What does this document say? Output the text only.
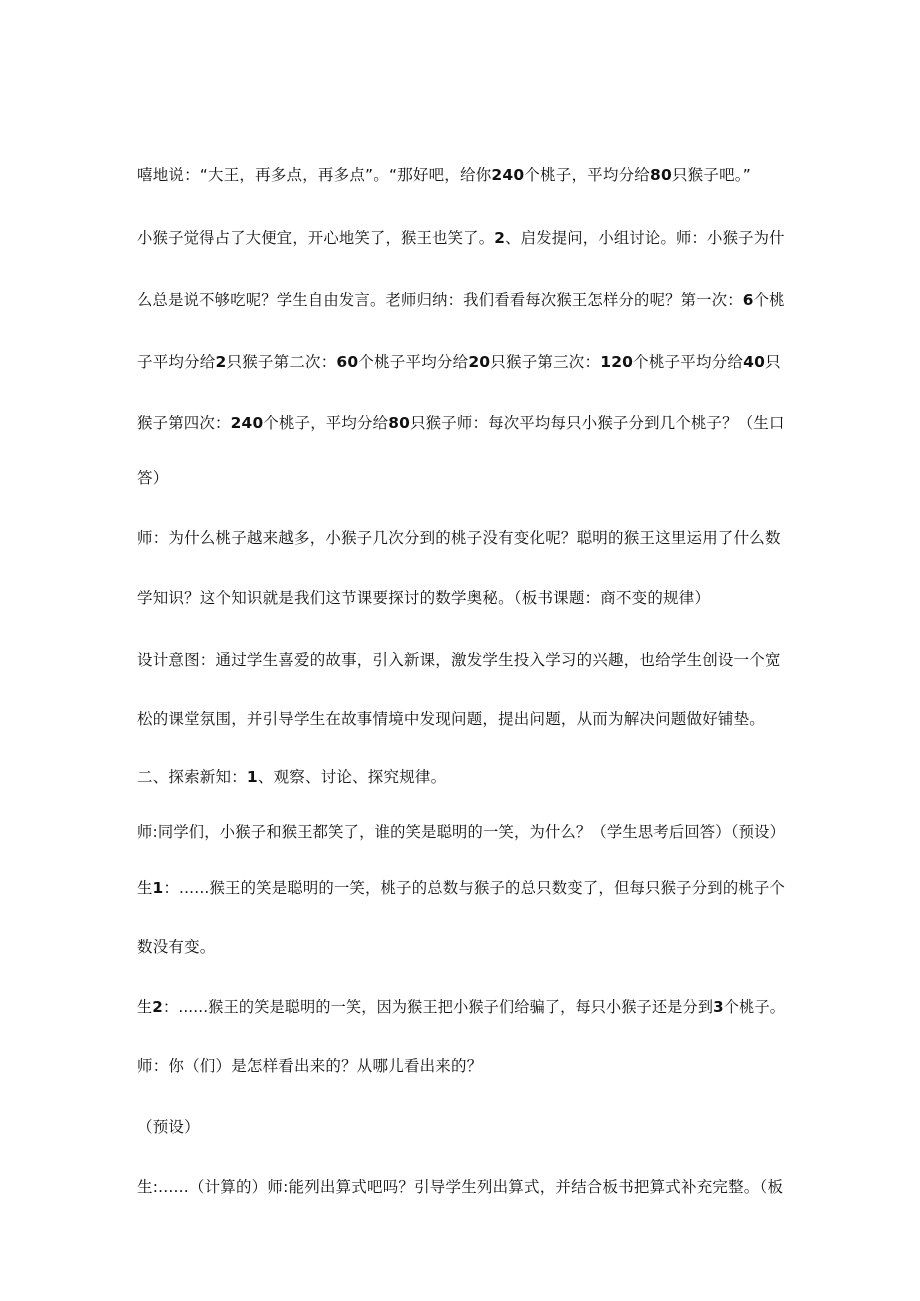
嘻地说：“大王，再多点，再多点”。“那好吧，给你240个桃子，平均分给80只猴子吧。”
小猴子觉得占了大便宜，开心地笑了，猴王也笑了。2、启发提问，小组讨论。师：小猴子为什
么总是说不够吃呢？学生自由发言。老师归纳：我们看看每次猴王怎样分的呢？第一次：6个桃
子平均分给2只猴子第二次：60个桃子平均分给20只猴子第三次：120个桃子平均分给40只
猴子第四次：240个桃子，平均分给80只猴子师：每次平均每只小猴子分到几个桃子？（生口
答）
师：为什么桃子越来越多，小猴子几次分到的桃子没有变化呢？聪明的猴王这里运用了什么数
学知识？这个知识就是我们这节课要探讨的数学奥秘。（板书课题：商不变的规律）
设计意图：通过学生喜爱的故事，引入新课，激发学生投入学习的兴趣，也给学生创设一个宽
松的课堂氛围，并引导学生在故事情境中发现问题，提出问题，从而为解决问题做好铺垫。
二、探索新知：1、观察、讨论、探究规律。
师:同学们，小猴子和猴王都笑了，谁的笑是聪明的一笑，为什么？（学生思考后回答）（预设）
生1：......猴王的笑是聪明的一笑，桃子的总数与猴子的总只数变了，但每只猴子分到的桃子个
数没有变。
生2：......猴王的笑是聪明的一笑，因为猴王把小猴子们给骗了，每只小猴子还是分到3个桃子。
师：你（们）是怎样看出来的？从哪儿看出来的？
（预设）
生:......（计算的）师:能列出算式吧吗？引导学生列出算式，并结合板书把算式补充完整。（板
